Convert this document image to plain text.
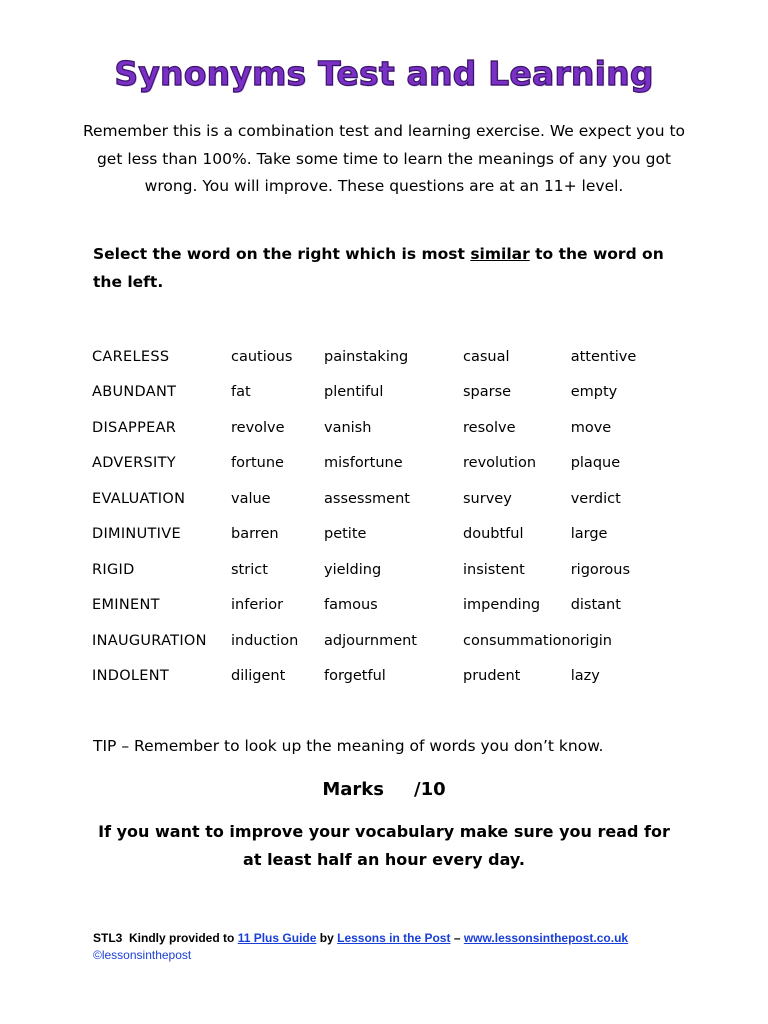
Synonyms Test and Learning
Remember this is a combination test and learning exercise. We expect you to get less than 100%. Take some time to learn the meanings of any you got wrong. You will improve. These questions are at an 11+ level.
Select the word on the right which is most similar to the word on the left.
CARELESS	cautious	painstaking	casual	attentive
ABUNDANT	fat	plentiful	sparse	empty
DISAPPEAR	revolve	vanish	resolve	move
ADVERSITY	fortune	misfortune	revolution	plaque
EVALUATION	value	assessment	survey	verdict
DIMINUTIVE	barren	petite	doubtful	large
RIGID	strict	yielding	insistent	rigorous
EMINENT	inferior	famous	impending	distant
INAUGURATION	induction	adjournment	consummation	origin
INDOLENT	diligent	forgetful	prudent	lazy
TIP – Remember to look up the meaning of words you don’t know.
Marks /10
If you want to improve your vocabulary make sure you read for
at least half an hour every day.
STL3 Kindly provided to 11 Plus Guide by Lessons in the Post – www.lessonsinthepost.co.uk
©lessonsinthepost
